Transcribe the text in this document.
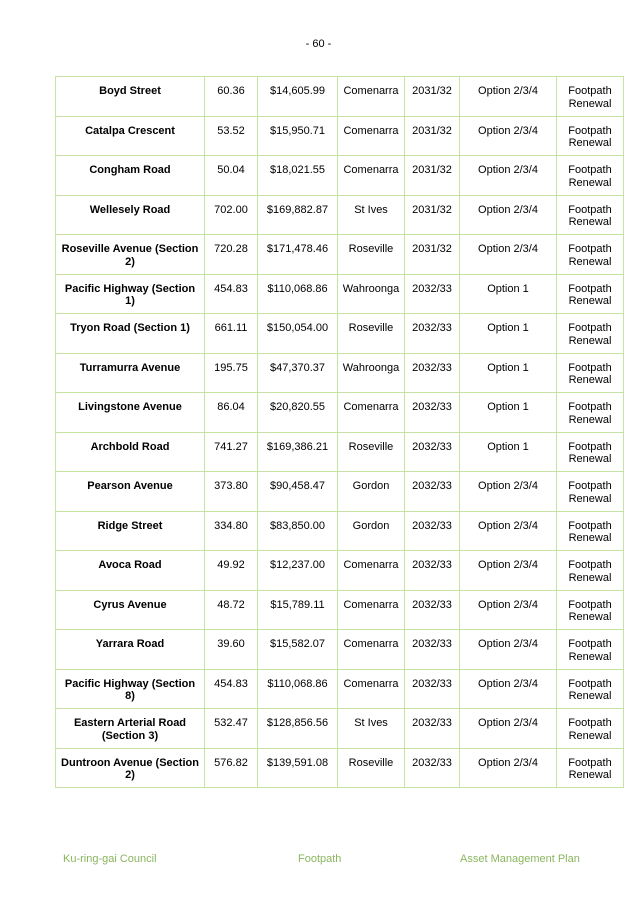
- 60 -
Boyd Street	60.36	$14,605.99	Comenarra	2031/32	Option 2/3/4	Footpath Renewal
Catalpa Crescent	53.52	$15,950.71	Comenarra	2031/32	Option 2/3/4	Footpath Renewal
Congham Road	50.04	$18,021.55	Comenarra	2031/32	Option 2/3/4	Footpath Renewal
Wellesely Road	702.00	$169,882.87	St Ives	2031/32	Option 2/3/4	Footpath Renewal
Roseville Avenue (Section 2)	720.28	$171,478.46	Roseville	2031/32	Option 2/3/4	Footpath Renewal
Pacific Highway (Section 1)	454.83	$110,068.86	Wahroonga	2032/33	Option 1	Footpath Renewal
Tryon Road (Section 1)	661.11	$150,054.00	Roseville	2032/33	Option 1	Footpath Renewal
Turramurra Avenue	195.75	$47,370.37	Wahroonga	2032/33	Option 1	Footpath Renewal
Livingstone Avenue	86.04	$20,820.55	Comenarra	2032/33	Option 1	Footpath Renewal
Archbold Road	741.27	$169,386.21	Roseville	2032/33	Option 1	Footpath Renewal
Pearson Avenue	373.80	$90,458.47	Gordon	2032/33	Option 2/3/4	Footpath Renewal
Ridge Street	334.80	$83,850.00	Gordon	2032/33	Option 2/3/4	Footpath Renewal
Avoca Road	49.92	$12,237.00	Comenarra	2032/33	Option 2/3/4	Footpath Renewal
Cyrus Avenue	48.72	$15,789.11	Comenarra	2032/33	Option 2/3/4	Footpath Renewal
Yarrara Road	39.60	$15,582.07	Comenarra	2032/33	Option 2/3/4	Footpath Renewal
Pacific Highway (Section 8)	454.83	$110,068.86	Comenarra	2032/33	Option 2/3/4	Footpath Renewal
Eastern Arterial Road (Section 3)	532.47	$128,856.56	St Ives	2032/33	Option 2/3/4	Footpath Renewal
Duntroon Avenue (Section 2)	576.82	$139,591.08	Roseville	2032/33	Option 2/3/4	Footpath Renewal
Ku-ring-gai Council	Footpath	Asset Management Plan
